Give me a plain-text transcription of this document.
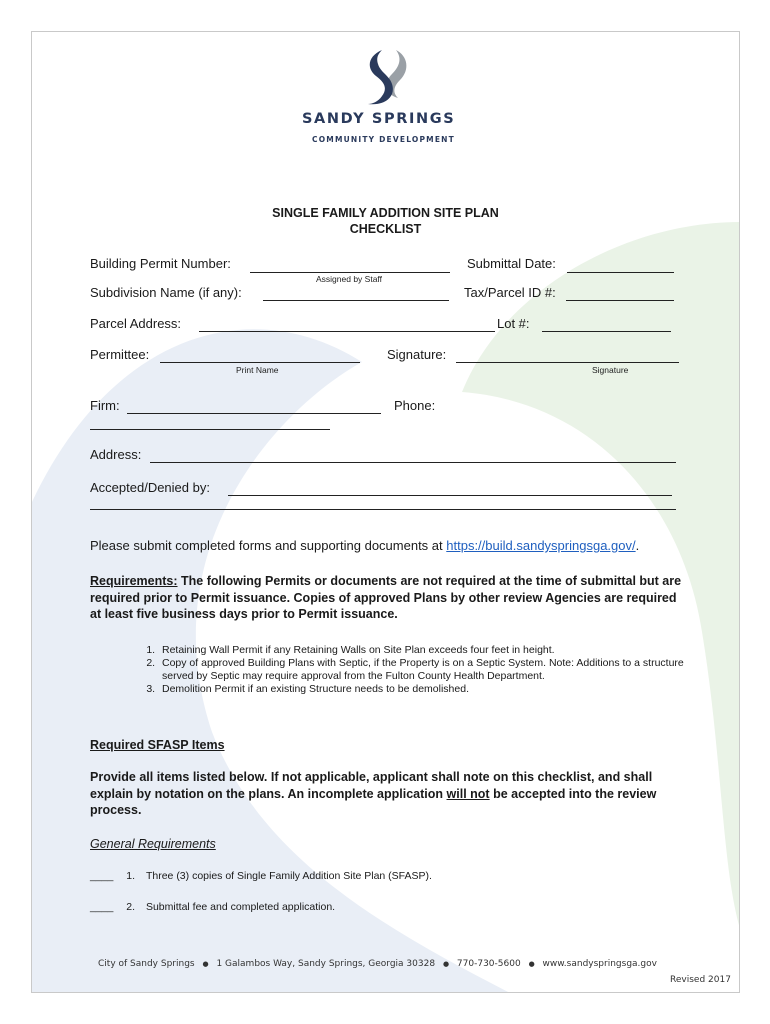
SANDY SPRINGS
COMMUNITY DEVELOPMENT
SINGLE FAMILY ADDITION SITE PLAN
CHECKLIST
Building Permit Number:
Assigned by Staff
Submittal Date:
Subdivision Name (if any):	Tax/Parcel ID #:
Parcel Address:	Lot #:
Permittee:
Print Name
Signature:
Signature
Firm:	Phone:
Address:
Accepted/Denied by:
Please submit completed forms and supporting documents at https://build.sandyspringsga.gov/.
Requirements: The following Permits or documents are not required at the time of submittal but are required prior to Permit issuance. Copies of approved Plans by other review Agencies are required at least five business days prior to Permit issuance.
1. Retaining Wall Permit if any Retaining Walls on Site Plan exceeds four feet in height.
2. Copy of approved Building Plans with Septic, if the Property is on a Septic System. Note: Additions to a structure served by Septic may require approval from the Fulton County Health Department.
3. Demolition Permit if an existing Structure needs to be demolished.
Required SFASP Items
Provide all items listed below. If not applicable, applicant shall note on this checklist, and shall explain by notation on the plans. An incomplete application will not be accepted into the review process.
General Requirements
____ 1. Three (3) copies of Single Family Addition Site Plan (SFASP).
____ 2. Submittal fee and completed application.
City of Sandy Springs ● 1 Galambos Way, Sandy Springs, Georgia 30328 ● 770-730-5600 ● www.sandyspringsga.gov
Revised 2017
